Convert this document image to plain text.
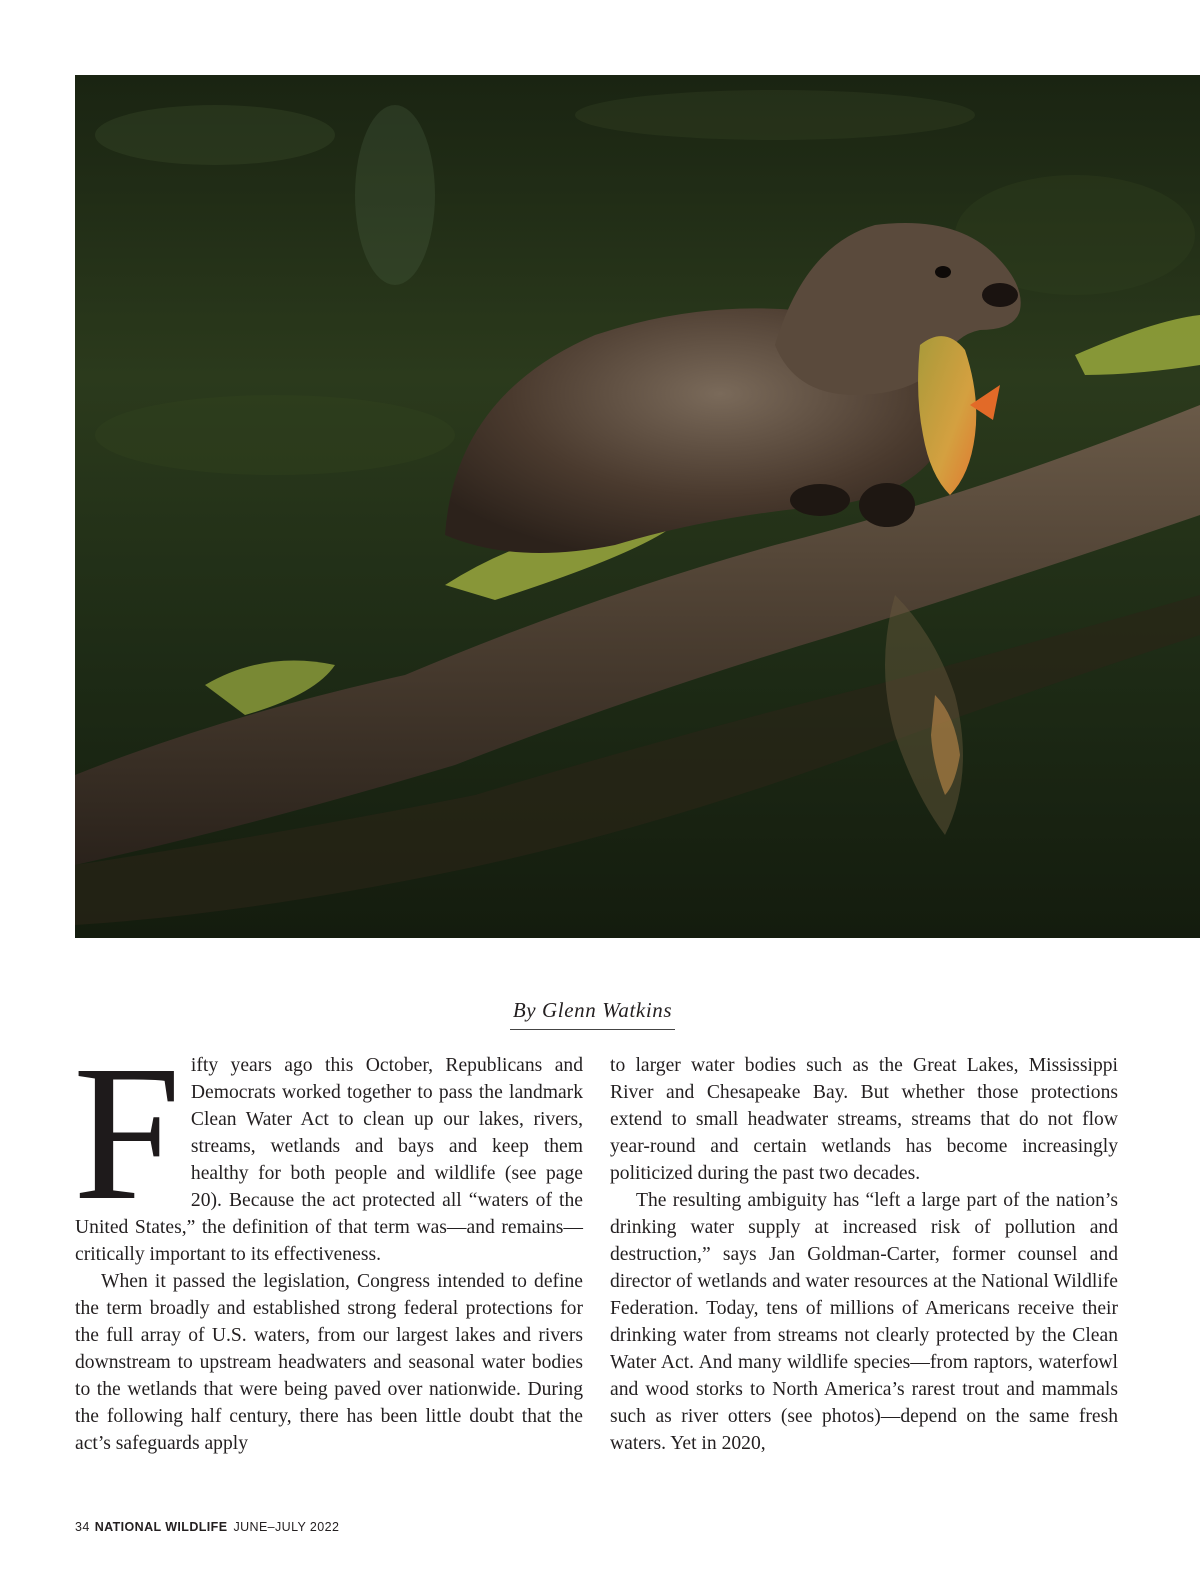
By Glenn Watkins

Fifty years ago this October, Republicans and Democrats worked together to pass the landmark Clean Water Act to clean up our lakes, rivers, streams, wetlands and bays and keep them healthy for both people and wildlife (see page 20). Because the act protected all “waters of the United States,” the definition of that term was—and remains—critically important to its effectiveness.

When it passed the legislation, Congress intended to define the term broadly and established strong federal protections for the full array of U.S. waters, from our largest lakes and rivers downstream to upstream headwaters and seasonal water bodies to the wetlands that were being paved over nationwide. During the following half century, there has been little doubt that the act’s safeguards apply

to larger water bodies such as the Great Lakes, Mississippi River and Chesapeake Bay. But whether those protections extend to small headwater streams, streams that do not flow year-round and certain wetlands has become increasingly politicized during the past two decades.

The resulting ambiguity has “left a large part of the nation’s drinking water supply at increased risk of pollution and destruction,” says Jan Goldman-Carter, former counsel and director of wetlands and water resources at the National Wildlife Federation. Today, tens of millions of Americans receive their drinking water from streams not clearly protected by the Clean Water Act. And many wildlife species—from raptors, waterfowl and wood storks to North America’s rarest trout and mammals such as river otters (see photos)—depend on the same fresh waters. Yet in 2020,

34 NATIONAL WILDLIFE JUNE–JULY 2022
